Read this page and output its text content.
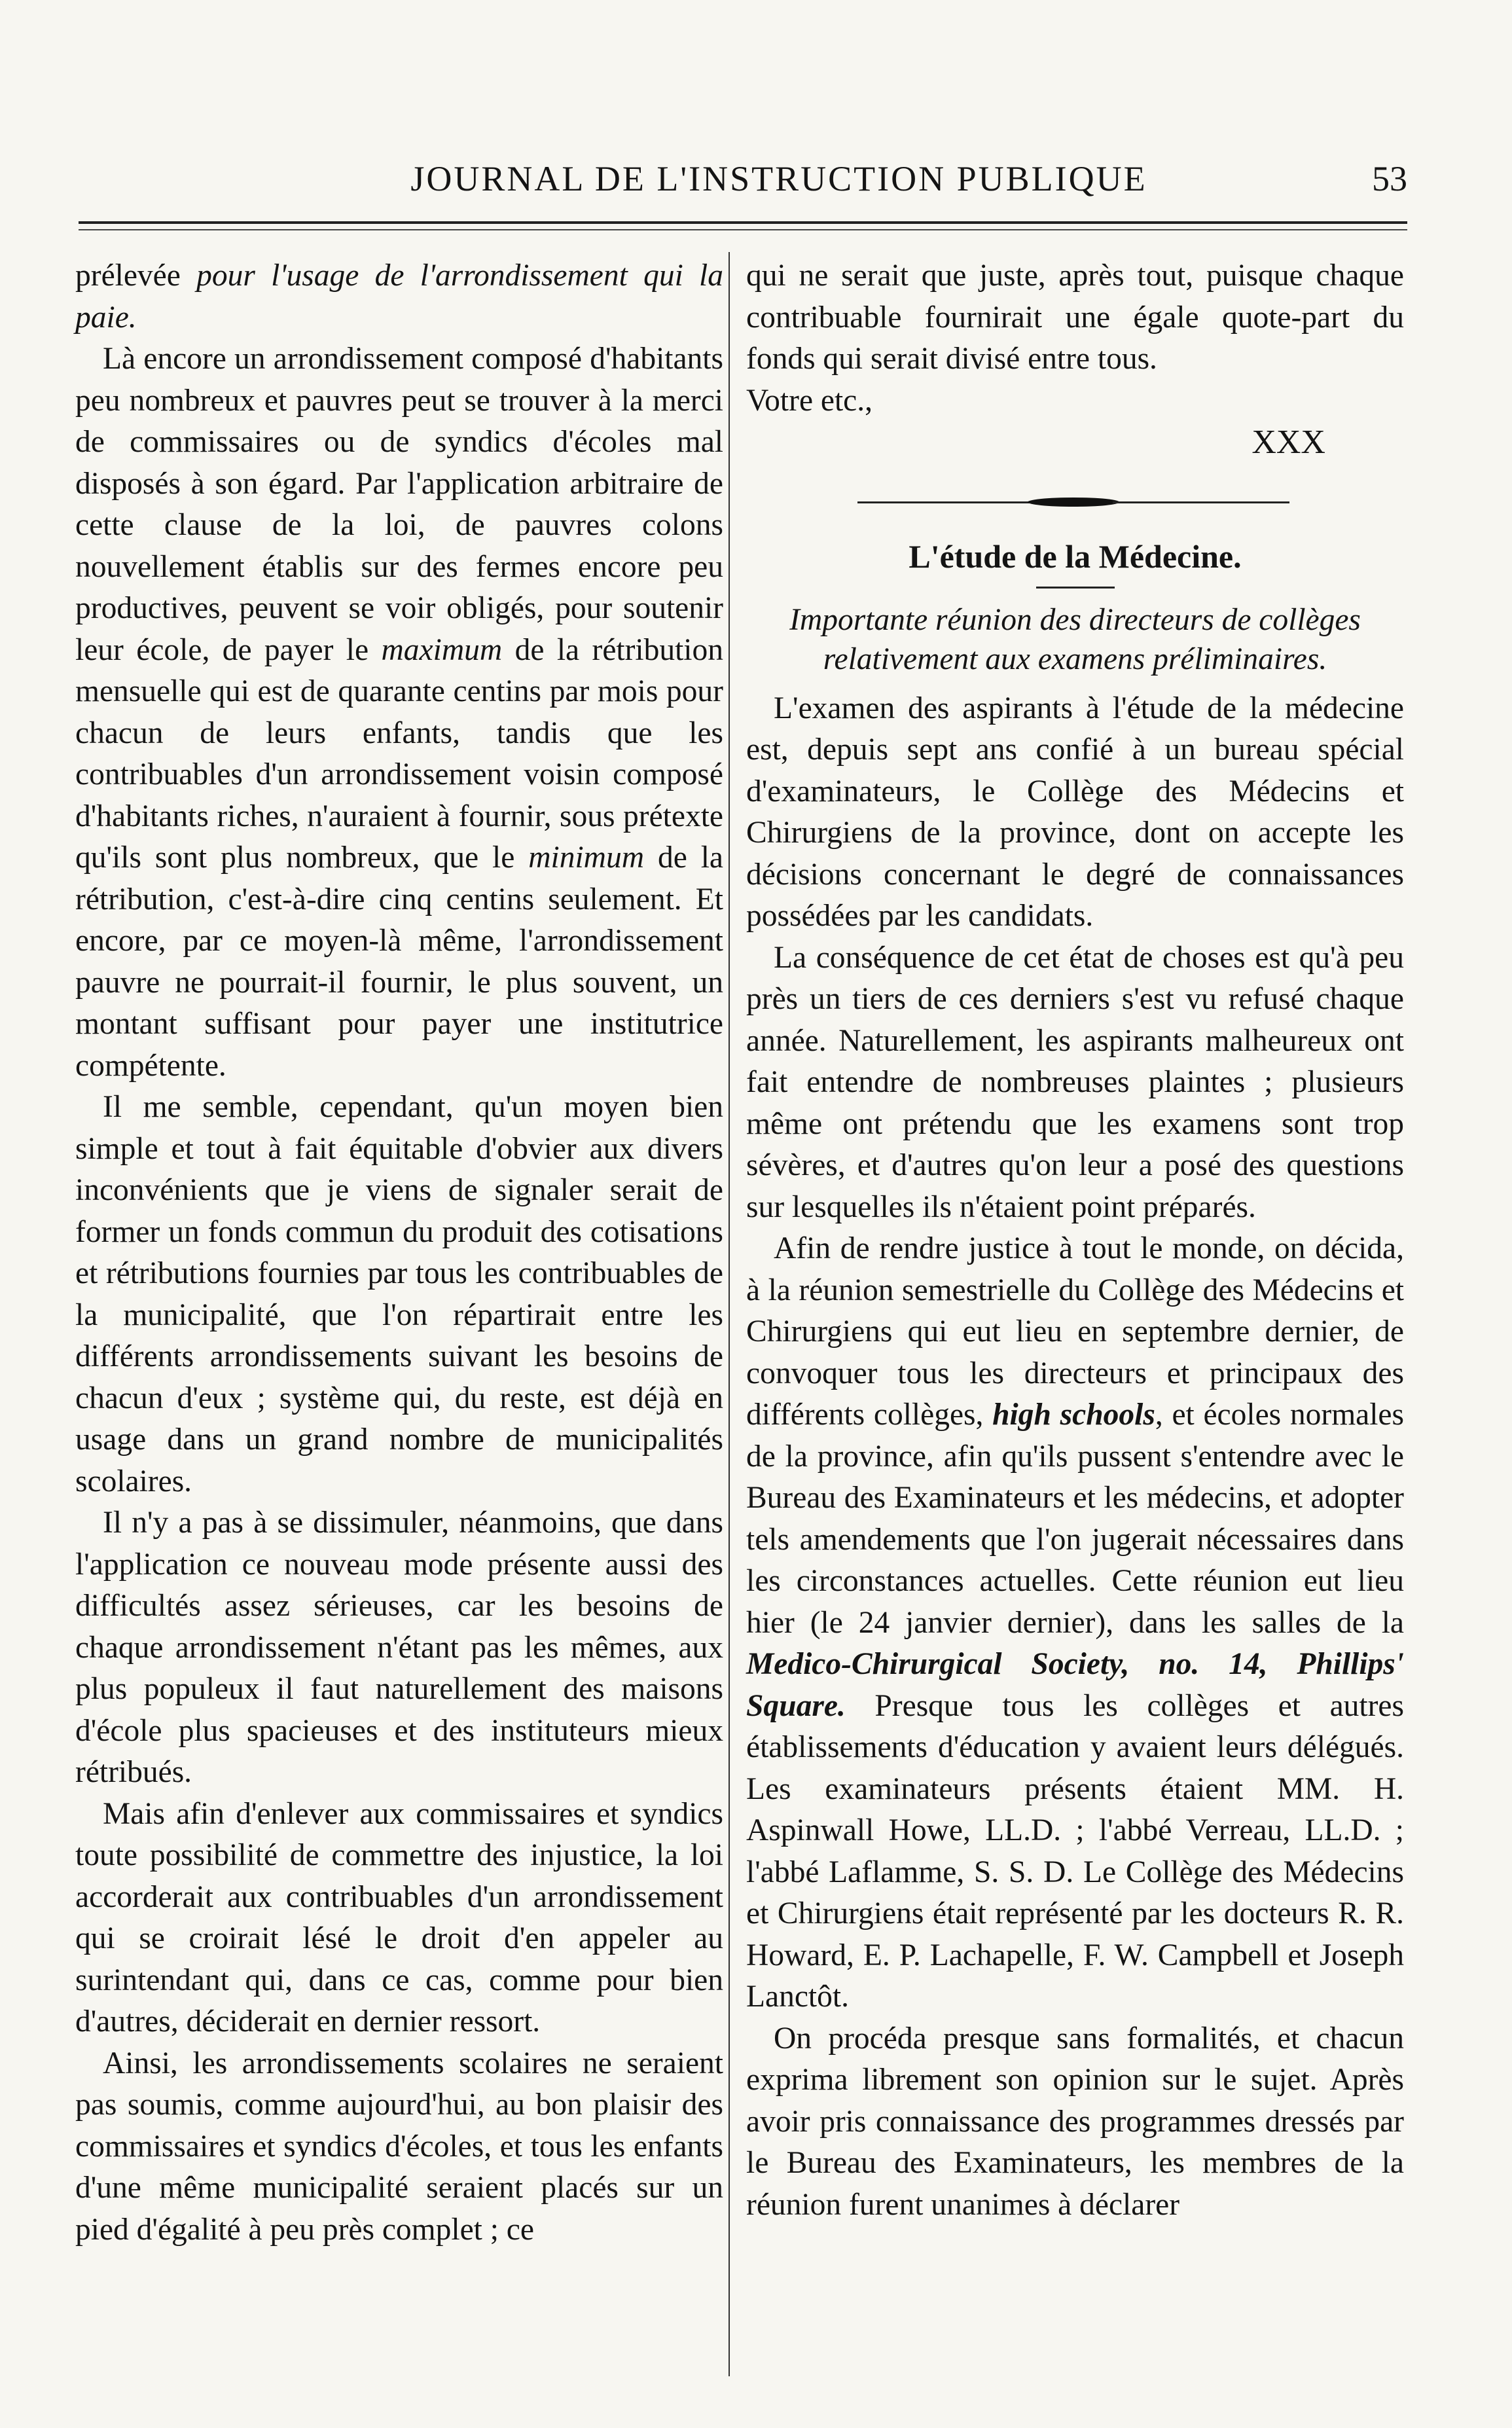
JOURNAL DE L'INSTRUCTION PUBLIQUE	53

prélevée pour l'usage de l'arrondissement qui la paie.

Là encore un arrondissement composé d'habitants peu nombreux et pauvres peut se trouver à la merci de commissaires ou de syndics d'écoles mal disposés à son égard. Par l'application arbitraire de cette clause de la loi, de pauvres colons nouvellement établis sur des fermes encore peu productives, peuvent se voir obligés, pour soutenir leur école, de payer le maximum de la rétribution mensuelle qui est de quarante centins par mois pour chacun de leurs enfants, tandis que les contribuables d'un arrondissement voisin composé d'habitants riches, n'auraient à fournir, sous prétexte qu'ils sont plus nombreux, que le minimum de la rétribution, c'est-à-dire cinq centins seulement. Et encore, par ce moyen-là même, l'arrondissement pauvre ne pourrait-il fournir, le plus souvent, un montant suffisant pour payer une institutrice compétente.

Il me semble, cependant, qu'un moyen bien simple et tout à fait équitable d'obvier aux divers inconvénients que je viens de signaler serait de former un fonds commun du produit des cotisations et rétributions fournies par tous les contribuables de la municipalité, que l'on répartirait entre les différents arrondissements suivant les besoins de chacun d'eux ; système qui, du reste, est déjà en usage dans un grand nombre de municipalités scolaires.

Il n'y a pas à se dissimuler, néanmoins, que dans l'application ce nouveau mode présente aussi des difficultés assez sérieuses, car les besoins de chaque arrondissement n'étant pas les mêmes, aux plus populeux il faut naturellement des maisons d'école plus spacieuses et des instituteurs mieux rétribués.

Mais afin d'enlever aux commissaires et syndics toute possibilité de commettre des injustice, la loi accorderait aux contribuables d'un arrondissement qui se croirait lésé le droit d'en appeler au surintendant qui, dans ce cas, comme pour bien d'autres, déciderait en dernier ressort.

Ainsi, les arrondissements scolaires ne seraient pas soumis, comme aujourd'hui, au bon plaisir des commissaires et syndics d'écoles, et tous les enfants d'une même municipalité seraient placés sur un pied d'égalité à peu près complet ; ce

qui ne serait que juste, après tout, puisque chaque contribuable fournirait une égale quote-part du fonds qui serait divisé entre tous.

Votre etc.,

XXX

L'étude de la Médecine.
Importante réunion des directeurs de collèges relativement aux examens préliminaires.

L'examen des aspirants à l'étude de la médecine est, depuis sept ans confié à un bureau spécial d'examinateurs, le Collège des Médecins et Chirurgiens de la province, dont on accepte les décisions concernant le degré de connaissances possédées par les candidats.

La conséquence de cet état de choses est qu'à peu près un tiers de ces derniers s'est vu refusé chaque année. Naturellement, les aspirants malheureux ont fait entendre de nombreuses plaintes ; plusieurs même ont prétendu que les examens sont trop sévères, et d'autres qu'on leur a posé des questions sur lesquelles ils n'étaient point préparés.

Afin de rendre justice à tout le monde, on décida, à la réunion semestrielle du Collège des Médecins et Chirurgiens qui eut lieu en septembre dernier, de convoquer tous les directeurs et principaux des différents collèges, high schools, et écoles normales de la province, afin qu'ils pussent s'entendre avec le Bureau des Examinateurs et les médecins, et adopter tels amendements que l'on jugerait nécessaires dans les circonstances actuelles. Cette réunion eut lieu hier (le 24 janvier dernier), dans les salles de la Medico-Chirurgical Society, no. 14, Phillips' Square. Presque tous les collèges et autres établissements d'éducation y avaient leurs délégués. Les examinateurs présents étaient MM. H. Aspinwall Howe, LL.D. ; l'abbé Verreau, LL.D. ; l'abbé Laflamme, S. S. D. Le Collège des Médecins et Chirurgiens était représenté par les docteurs R. R. Howard, E. P. Lachapelle, F. W. Campbell et Joseph Lanctôt.

On procéda presque sans formalités, et chacun exprima librement son opinion sur le sujet. Après avoir pris connaissance des programmes dressés par le Bureau des Examinateurs, les membres de la réunion furent unanimes à déclarer
